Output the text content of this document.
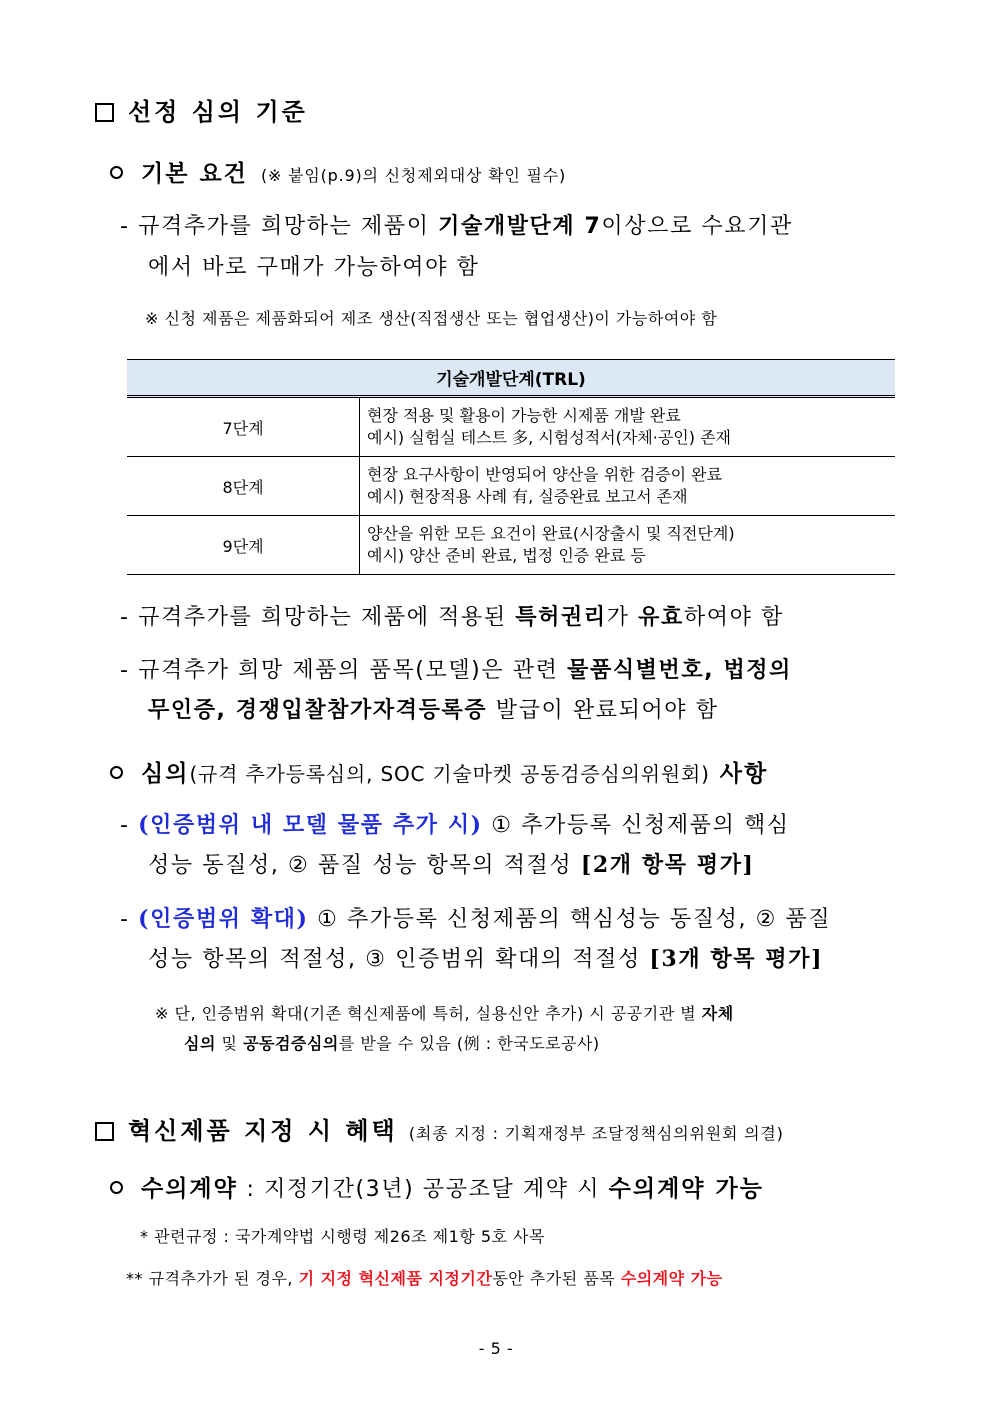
선정 심의 기준
기본 요건 (※ 붙임(p.9)의 신청제외대상 확인 필수)
- 규격추가를 희망하는 제품이 기술개발단계 7이상으로 수요기관
에서 바로 구매가 가능하여야 함
※ 신청 제품은 제품화되어 제조 생산(직접생산 또는 협업생산)이 가능하여야 함
기술개발단계(TRL)	
7단계	현장 적용 및 활용이 가능한 시제품 개발 완료
예시) 실험실 테스트 多, 시험성적서(자체·공인) 존재

8단계	현장 요구사항이 반영되어 양산을 위한 검증이 완료
예시) 현장적용 사례 有, 실증완료 보고서 존재

9단계	양산을 위한 모든 요건이 완료(시장출시 및 직전단계)
예시) 양산 준비 완료, 법정 인증 완료 등
- 규격추가를 희망하는 제품에 적용된 특허권리가 유효하여야 함
- 규격추가 희망 제품의 품목(모델)은 관련 물품식별번호, 법정의
무인증, 경쟁입찰참가자격등록증 발급이 완료되어야 함
심의(규격 추가등록심의, SOC 기술마켓 공동검증심의위원회) 사항
- (인증범위 내 모델 물품 추가 시) ① 추가등록 신청제품의 핵심
성능 동질성, ② 품질 성능 항목의 적절성 [2개 항목 평가]
- (인증범위 확대) ① 추가등록 신청제품의 핵심성능 동질성, ② 품질
성능 항목의 적절성, ③ 인증범위 확대의 적절성 [3개 항목 평가]
※ 단, 인증범위 확대(기존 혁신제품에 특허, 실용신안 추가) 시 공공기관 별 자체
심의 및 공동검증심의를 받을 수 있음 (例 : 한국도로공사)
혁신제품 지정 시 혜택 (최종 지정 : 기획재정부 조달정책심의위원회 의결)
수의계약 : 지정기간(3년) 공공조달 계약 시 수의계약 가능
* 관련규정 : 국가계약법 시행령 제26조 제1항 5호 사목
** 규격추가가 된 경우, 기 지정 혁신제품 지정기간동안 추가된 품목 수의계약 가능
- 5 -
